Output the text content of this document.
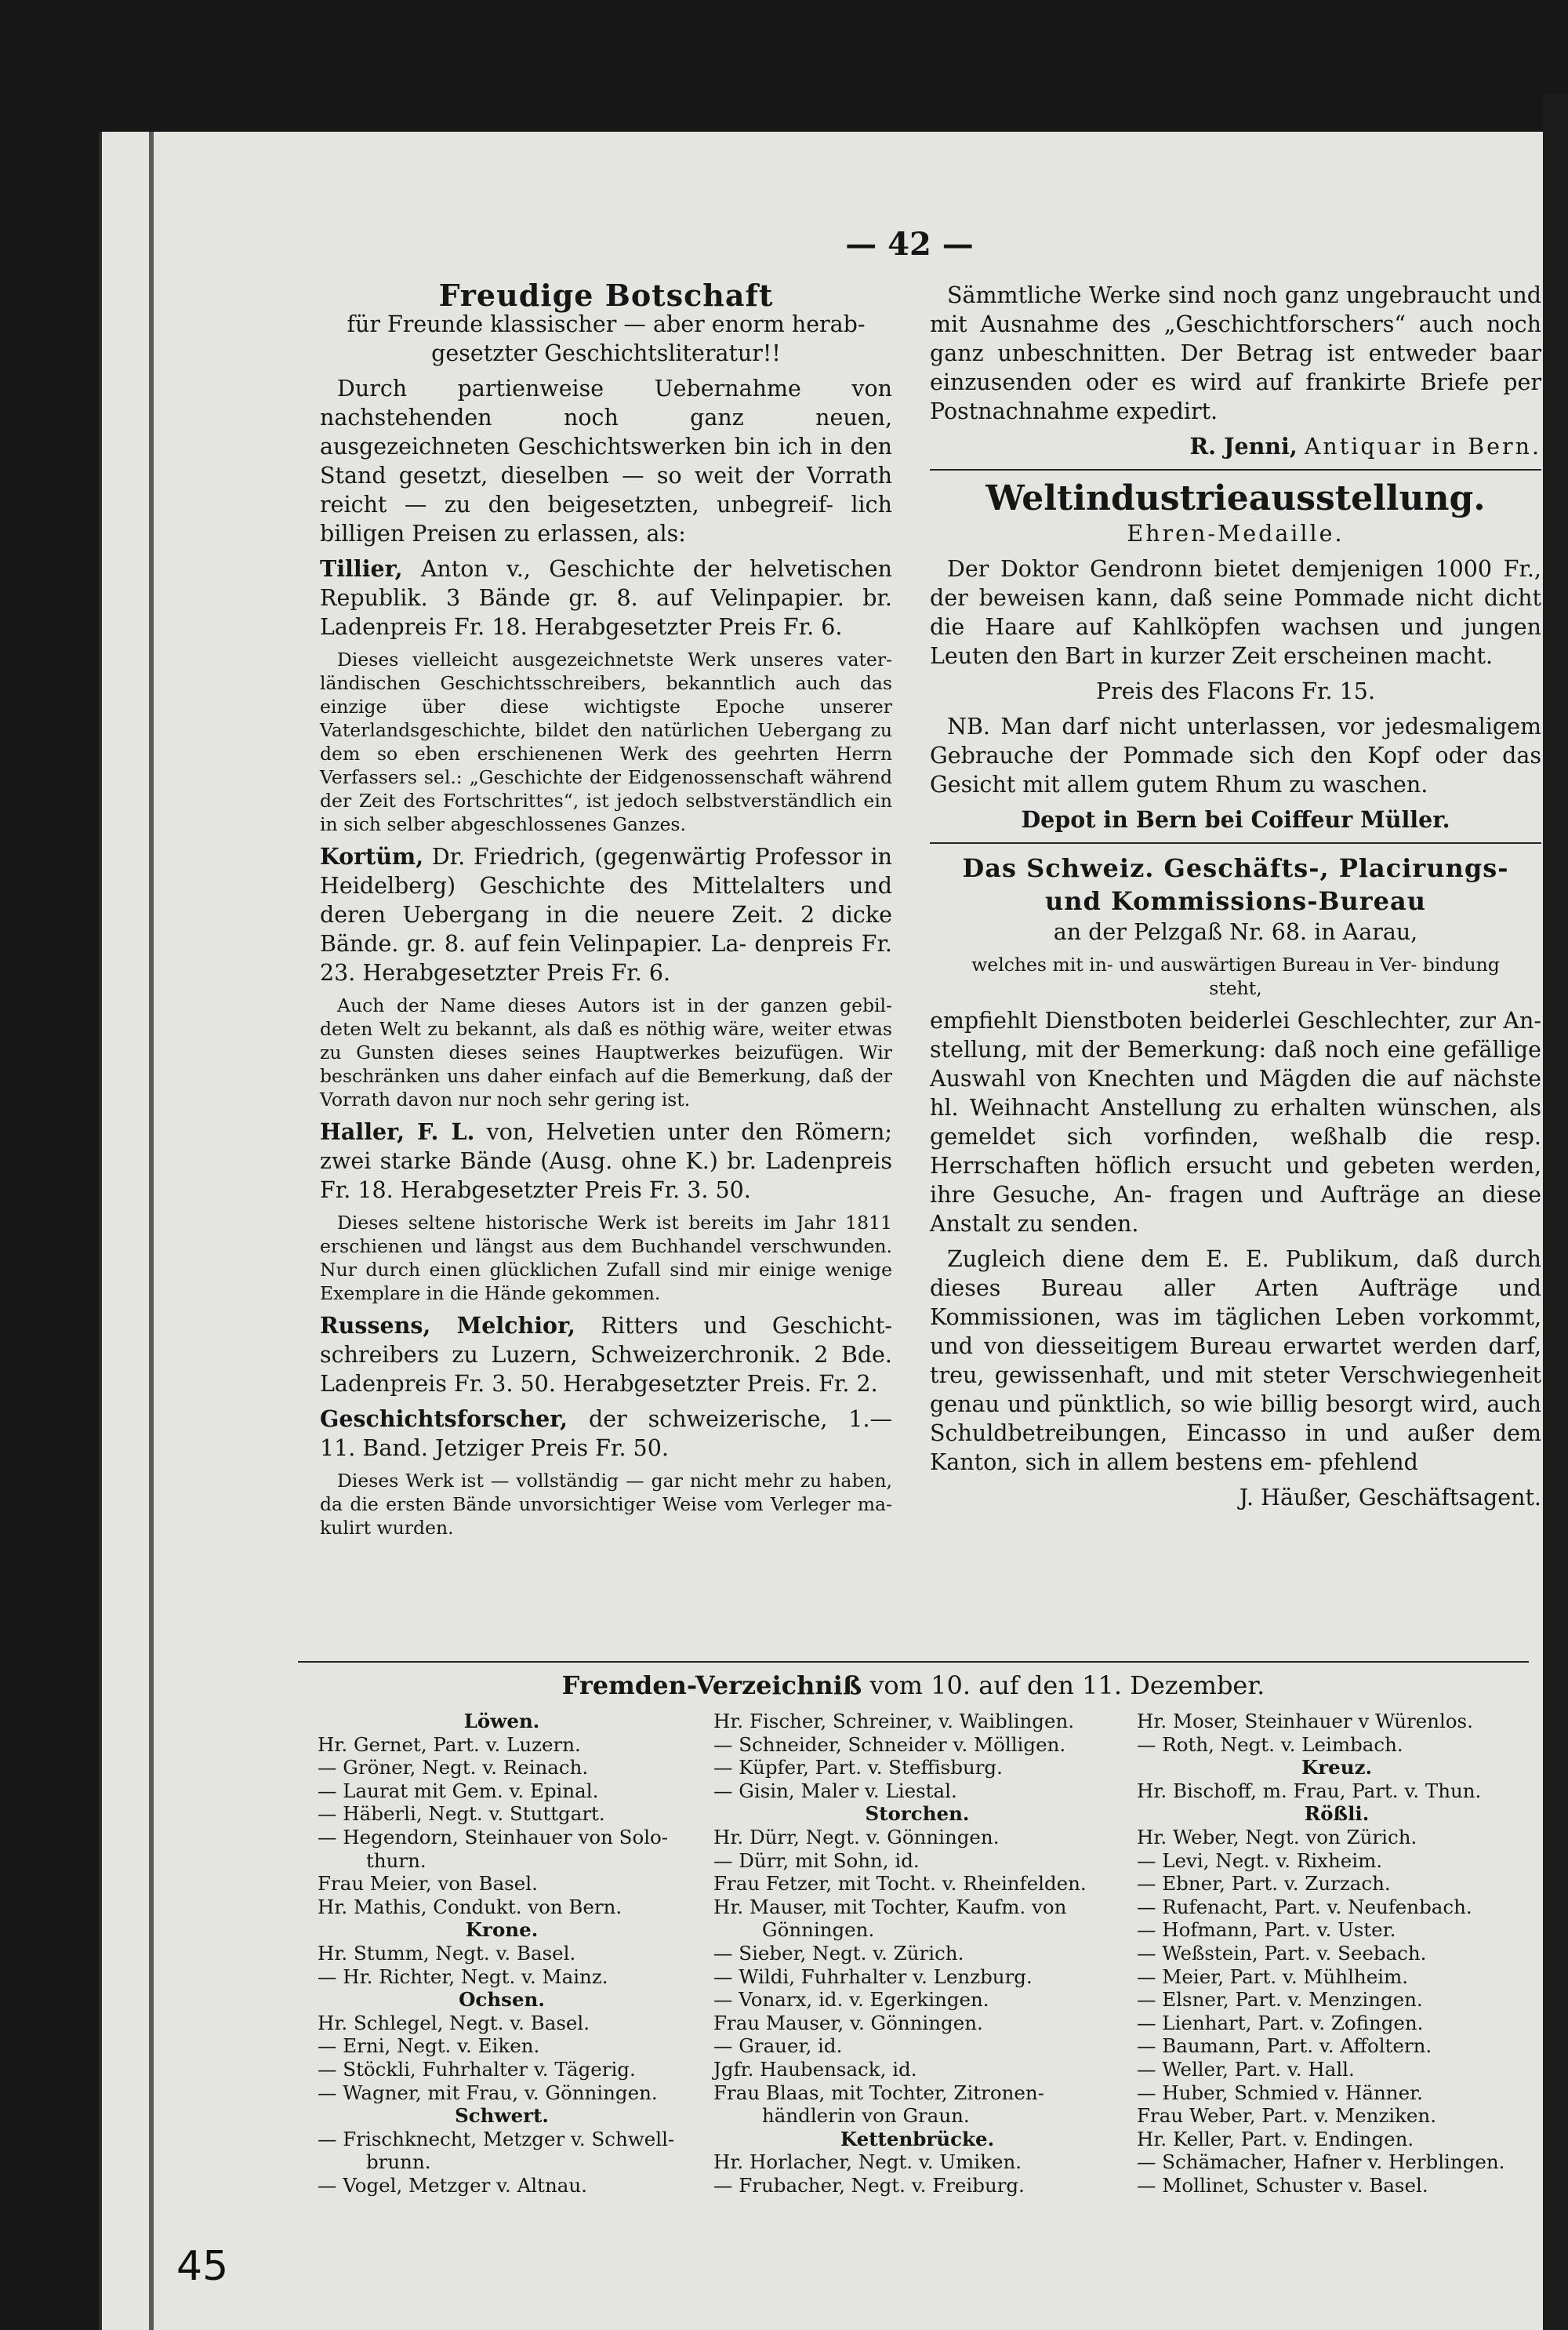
— 42 —
Freudige Botschaft
für Freunde klassischer — aber enorm herab- gesetzter Geschichtsliteratur!!
Durch partienweise Uebernahme von nachstehenden noch ganz neuen, ausgezeichneten Geschichtswerken bin ich in den Stand gesetzt, dieselben — so weit der Vorrath reicht — zu den beigesetzten, unbegreif- lich billigen Preisen zu erlassen, als:
Tillier, Anton v., Geschichte der helvetischen Republik. 3 Bände gr. 8. auf Velinpapier. br. Ladenpreis Fr. 18. Herabgesetzter Preis Fr. 6.
Dieses vielleicht ausgezeichnetste Werk unseres vater- ländischen Geschichtsschreibers, bekanntlich auch das einzige über diese wichtigste Epoche unserer Vaterlandsgeschichte, bildet den natürlichen Uebergang zu dem so eben erschienenen Werk des geehrten Herrn Verfassers sel.: „Geschichte der Eidgenossenschaft während der Zeit des Fortschrittes“, ist jedoch selbstverständlich ein in sich selber abgeschlossenes Ganzes.
Kortüm, Dr. Friedrich, (gegenwärtig Professor in Heidelberg) Geschichte des Mittelalters und deren Uebergang in die neuere Zeit. 2 dicke Bände. gr. 8. auf fein Velinpapier. La- denpreis Fr. 23. Herabgesetzter Preis Fr. 6.
Auch der Name dieses Autors ist in der ganzen gebil- deten Welt zu bekannt, als daß es nöthig wäre, weiter etwas zu Gunsten dieses seines Hauptwerkes beizufügen. Wir beschränken uns daher einfach auf die Bemerkung, daß der Vorrath davon nur noch sehr gering ist.
Haller, F. L. von, Helvetien unter den Römern; zwei starke Bände (Ausg. ohne K.) br. Ladenpreis Fr. 18. Herabgesetzter Preis Fr. 3. 50.
Dieses seltene historische Werk ist bereits im Jahr 1811 erschienen und längst aus dem Buchhandel verschwunden. Nur durch einen glücklichen Zufall sind mir einige wenige Exemplare in die Hände gekommen.
Russens, Melchior, Ritters und Geschicht- schreibers zu Luzern, Schweizerchronik. 2 Bde. Ladenpreis Fr. 3. 50. Herabgesetzter Preis. Fr. 2.
Geschichtsforscher, der schweizerische, 1.— 11. Band. Jetziger Preis Fr. 50.
Dieses Werk ist — vollständig — gar nicht mehr zu haben, da die ersten Bände unvorsichtiger Weise vom Verleger ma- kulirt wurden.
Sämmtliche Werke sind noch ganz ungebraucht und mit Ausnahme des „Geschichtforschers“ auch noch ganz unbeschnitten. Der Betrag ist entweder baar einzusenden oder es wird auf frankirte Briefe per Postnachnahme expedirt.
R. Jenni, Antiquar in Bern.
Weltindustrieausstellung.
Ehren-Medaille.
Der Doktor Gendronn bietet demjenigen 1000 Fr., der beweisen kann, daß seine Pommade nicht dicht die Haare auf Kahlköpfen wachsen und jungen Leuten den Bart in kurzer Zeit erscheinen macht.
Preis des Flacons Fr. 15.
NB. Man darf nicht unterlassen, vor jedesmaligem Gebrauche der Pommade sich den Kopf oder das Gesicht mit allem gutem Rhum zu waschen.
Depot in Bern bei Coiffeur Müller.
Das Schweiz. Geschäfts-, Placirungs- und Kommissions-Bureau
an der Pelzgaß Nr. 68. in Aarau,
welches mit in- und auswärtigen Bureau in Ver- bindung steht,
empfiehlt Dienstboten beiderlei Geschlechter, zur An- stellung, mit der Bemerkung: daß noch eine gefällige Auswahl von Knechten und Mägden die auf nächste hl. Weihnacht Anstellung zu erhalten wünschen, als gemeldet sich vorfinden, weßhalb die resp. Herrschaften höflich ersucht und gebeten werden, ihre Gesuche, An- fragen und Aufträge an diese Anstalt zu senden.
Zugleich diene dem E. E. Publikum, daß durch dieses Bureau aller Arten Aufträge und Kommissionen, was im täglichen Leben vorkommt, und von diesseitigem Bureau erwartet werden darf, treu, gewissenhaft, und mit steter Verschwiegenheit genau und pünktlich, so wie billig besorgt wird, auch Schuldbetreibungen, Eincasso in und außer dem Kanton, sich in allem bestens em- pfehlend
J. Häußer, Geschäftsagent.
Fremden-Verzeichniß vom 10. auf den 11. Dezember.
Löwen.
Hr. Gernet, Part. v. Luzern.
— Gröner, Negt. v. Reinach.
— Laurat mit Gem. v. Epinal.
— Häberli, Negt. v. Stuttgart.
— Hegendorn, Steinhauer von Solo-
thurn.
Frau Meier, von Basel.
Hr. Mathis, Condukt. von Bern.
Krone.
Hr. Stumm, Negt. v. Basel.
— Hr. Richter, Negt. v. Mainz.
Ochsen.
Hr. Schlegel, Negt. v. Basel.
— Erni, Negt. v. Eiken.
— Stöckli, Fuhrhalter v. Tägerig.
— Wagner, mit Frau, v. Gönningen.
Schwert.
— Frischknecht, Metzger v. Schwell-
brunn.
— Vogel, Metzger v. Altnau.
Hr. Fischer, Schreiner, v. Waiblingen.
— Schneider, Schneider v. Mölligen.
— Küpfer, Part. v. Steffisburg.
— Gisin, Maler v. Liestal.
Storchen.
Hr. Dürr, Negt. v. Gönningen.
— Dürr, mit Sohn, id.
Frau Fetzer, mit Tocht. v. Rheinfelden.
Hr. Mauser, mit Tochter, Kaufm. von
Gönningen.
— Sieber, Negt. v. Zürich.
— Wildi, Fuhrhalter v. Lenzburg.
— Vonarx, id. v. Egerkingen.
Frau Mauser, v. Gönningen.
— Grauer, id.
Jgfr. Haubensack, id.
Frau Blaas, mit Tochter, Zitronen-
händlerin von Graun.
Kettenbrücke.
Hr. Horlacher, Negt. v. Umiken.
— Frubacher, Negt. v. Freiburg.
Hr. Moser, Steinhauer v Würenlos.
— Roth, Negt. v. Leimbach.
Kreuz.
Hr. Bischoff, m. Frau, Part. v. Thun.
Rößli.
Hr. Weber, Negt. von Zürich.
— Levi, Negt. v. Rixheim.
— Ebner, Part. v. Zurzach.
— Rufenacht, Part. v. Neufenbach.
— Hofmann, Part. v. Uster.
— Weßstein, Part. v. Seebach.
— Meier, Part. v. Mühlheim.
— Elsner, Part. v. Menzingen.
— Lienhart, Part. v. Zofingen.
— Baumann, Part. v. Affoltern.
— Weller, Part. v. Hall.
— Huber, Schmied v. Hänner.
Frau Weber, Part. v. Menziken.
Hr. Keller, Part. v. Endingen.
— Schämacher, Hafner v. Herblingen.
— Mollinet, Schuster v. Basel.
45
